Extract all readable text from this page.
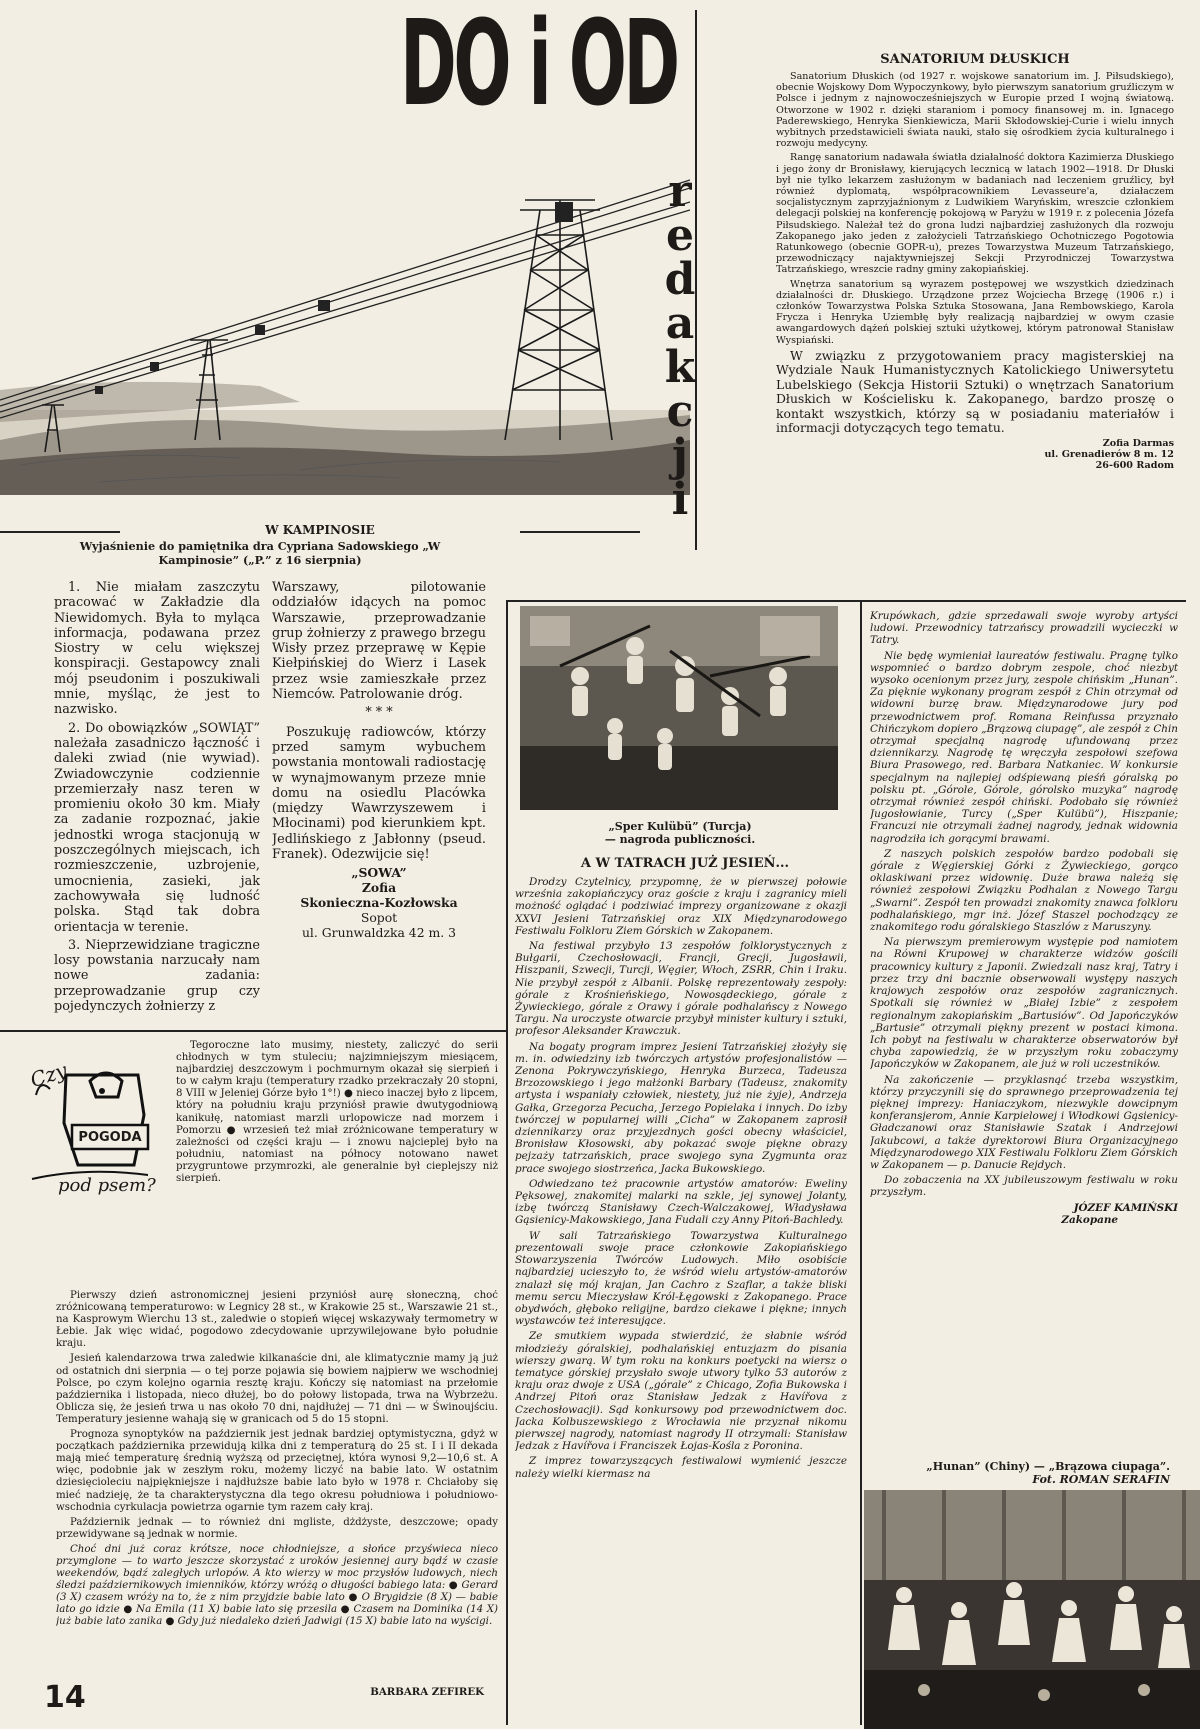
DO i OD
r
e
d
a
k
c
j
i
SANATORIUM DŁUSKICH

Sanatorium Dłuskich (od 1927 r. wojskowe sanatorium im. J. Piłsudskiego), obecnie Wojskowy Dom Wypoczynkowy, było pierwszym sanatorium gruźliczym w Polsce i jednym z najnowocześniejszych w Europie przed I wojną światową. Otworzone w 1902 r. dzięki staraniom i pomocy finansowej m. in. Ignacego Paderewskiego, Henryka Sienkiewicza, Marii Skłodowskiej-Curie i wielu innych wybitnych przedstawicieli świata nauki, stało się ośrodkiem życia kulturalnego i rozwoju medycyny.

Rangę sanatorium nadawała światła działalność doktora Kazimierza Dłuskiego i jego żony dr Bronisławy, kierujących lecznicą w latach 1902—1918. Dr Dłuski był nie tylko lekarzem zasłużonym w badaniach nad leczeniem gruźlicy, był również dyplomatą, współpracownikiem Levasseure'a, działaczem socjalistycznym zaprzyjaźnionym z Ludwikiem Waryńskim, wreszcie członkiem delegacji polskiej na konferencję pokojową w Paryżu w 1919 r. z polecenia Józefa Piłsudskiego. Należał też do grona ludzi najbardziej zasłużonych dla rozwoju Zakopanego jako jeden z założycieli Tatrzańskiego Ochotniczego Pogotowia Ratunkowego (obecnie GOPR-u), prezes Towarzystwa Muzeum Tatrzańskiego, przewodniczący najaktywniejszej Sekcji Przyrodniczej Towarzystwa Tatrzańskiego, wreszcie radny gminy zakopiańskiej.

Wnętrza sanatorium są wyrazem postępowej we wszystkich dziedzinach działalności dr. Dłuskiego. Urządzone przez Wojciecha Brzegę (1906 r.) i członków Towarzystwa Polska Sztuka Stosowana, Jana Rembowskiego, Karola Frycza i Henryka Uziembłę były realizacją najbardziej w owym czasie awangardowych dążeń polskiej sztuki użytkowej, którym patronował Stanisław Wyspiański.

W związku z przygotowaniem pracy magisterskiej na Wydziale Nauk Humanistycznych Katolickiego Uniwersytetu Lubelskiego (Sekcja Historii Sztuki) o wnętrzach Sanatorium Dłuskich w Kościelisku k. Zakopanego, bardzo proszę o kontakt wszystkich, którzy są w posiadaniu materiałów i informacji dotyczących tego tematu.

Zofia Darmas
ul. Grenadierów 8 m. 12
26-600 Radom
W KAMPINOSIE
Wyjaśnienie do pamiętnika dra Cypriana Sadowskiego „W Kampinosie” („P.” z 16 sierpnia)

1. Nie miałam zaszczytu pracować w Zakładzie dla Niewidomych. Była to myląca informacja, podawana przez Siostry w celu większej konspiracji. Gestapowcy znali mój pseudonim i poszukiwali mnie, myśląc, że jest to nazwisko.

2. Do obowiązków „SOWIĄT” należała zasadniczo łączność i daleki zwiad (nie wywiad). Zwiadowczynie codziennie przemierzały nasz teren w promieniu około 30 km. Miały za zadanie rozpoznać, jakie jednostki wroga stacjonują w poszczególnych miejscach, ich rozmieszczenie, uzbrojenie, umocnienia, zasieki, jak zachowywała się ludność polska. Stąd tak dobra orientacja w terenie.

3. Nieprzewidziane tragiczne losy powstania narzucały nam nowe zadania: przeprowadzanie grup czy pojedynczych żołnierzy z

Warszawy, pilotowanie oddziałów idących na pomoc Warszawie, przeprowadzanie grup żołnierzy z prawego brzegu Wisły przez przeprawę w Kępie Kiełpińskiej do Wierz i Lasek przez wsie zamieszkałe przez Niemców. Patrolowanie dróg.

* * *

Poszukuję radiowców, którzy przed samym wybuchem powstania montowali radiostację w wynajmowanym przeze mnie domu na osiedlu Placówka (między Wawrzyszewem i Młocinami) pod kierunkiem kpt. Jedlińskiego z Jabłonny (pseud. Franek). Odezwijcie się!

„SOWA”
Zofia
Skonieczna-Kozłowska
Sopot
ul. Grunwaldzka 42 m. 3
„Sper Kulübü” (Turcja)
— nagroda publiczności.
A W TATRACH JUŻ JESIEŃ...

Drodzy Czytelnicy, przypomnę, że w pierwszej połowie września zakopiańczycy oraz goście z kraju i zagranicy mieli możność oglądać i podziwiać imprezy organizowane z okazji XXVI Jesieni Tatrzańskiej oraz XIX Międzynarodowego Festiwalu Folkloru Ziem Górskich w Zakopanem.

Na festiwal przybyło 13 zespołów folklorystycznych z Bułgarii, Czechosłowacji, Francji, Grecji, Jugosławii, Hiszpanii, Szwecji, Turcji, Węgier, Włoch, ZSRR, Chin i Iraku. Nie przybył zespół z Albanii. Polskę reprezentowały zespoły: górale z Krośnieńskiego, Nowosądeckiego, górale z Żywieckiego, górale z Orawy i górale podhalańscy z Nowego Targu. Na uroczyste otwarcie przybył minister kultury i sztuki, profesor Aleksander Krawczuk.

Na bogaty program imprez Jesieni Tatrzańskiej złożyły się m. in. odwiedziny izb twórczych artystów profesjonalistów — Zenona Pokrywczyńskiego, Henryka Burzeca, Tadeusza Brzozowskiego i jego małżonki Barbary (Tadeusz, znakomity artysta i wspaniały człowiek, niestety, już nie żyje), Andrzeja Gałka, Grzegorza Pecucha, Jerzego Popielaka i innych. Do izby twórczej w popularnej willi „Cicha” w Zakopanem zaprosił dziennikarzy oraz przyjezdnych gości obecny właściciel, Bronisław Kłosowski, aby pokazać swoje piękne obrazy pejzaży tatrzańskich, prace swojego syna Zygmunta oraz prace swojego siostrzeńca, Jacka Bukowskiego.

Odwiedzano też pracownie artystów amatorów: Eweliny Pęksowej, znakomitej malarki na szkle, jej synowej Jolanty, izbę twórczą Stanisławy Czech-Walczakowej, Władysława Gąsienicy-Makowskiego, Jana Fudali czy Anny Pitoń-Bachledy.

W sali Tatrzańskiego Towarzystwa Kulturalnego prezentowali swoje prace członkowie Zakopiańskiego Stowarzyszenia Twórców Ludowych. Miło osobiście najbardziej ucieszyło to, że wśród wielu artystów-amatorów znalazł się mój krajan, Jan Cachro z Szaflar, a także bliski memu sercu Mieczysław Król-Łęgowski z Zakopanego. Prace obydwóch, głęboko religijne, bardzo ciekawe i piękne; innych wystawców też interesujące.

Ze smutkiem wypada stwierdzić, że słabnie wśród młodzieży góralskiej, podhalańskiej entuzjazm do pisania wierszy gwarą. W tym roku na konkurs poetycki na wiersz o tematyce górskiej przysłało swoje utwory tylko 53 autorów z kraju oraz dwoje z USA („górale” z Chicago, Zofia Bukowska i Andrzej Pitoń oraz Stanisław Jedzak z Havířova z Czechosłowacji). Sąd konkursowy pod przewodnictwem doc. Jacka Kolbuszewskiego z Wrocławia nie przyznał nikomu pierwszej nagrody, natomiast nagrody II otrzymali: Stanisław Jedzak z Havířova i Franciszek Łojas-Kośla z Poronina.

Z imprez towarzyszących festiwalowi wymienić jeszcze należy wielki kiermasz na

Krupówkach, gdzie sprzedawali swoje wyroby artyści ludowi. Przewodnicy tatrzańscy prowadzili wycieczki w Tatry.

Nie będę wymieniał laureatów festiwalu. Pragnę tylko wspomnieć o bardzo dobrym zespole, choć niezbyt wysoko ocenionym przez jury, zespole chińskim „Hunan”. Za pięknie wykonany program zespół z Chin otrzymał od widowni burzę braw. Międzynarodowe jury pod przewodnictwem prof. Romana Reinfussa przyznało Chińczykom dopiero „Brązową ciupagę”, ale zespół z Chin otrzymał specjalną nagrodę ufundowaną przez dziennikarzy. Nagrodę tę wręczyła zespołowi szefowa Biura Prasowego, red. Barbara Natkaniec. W konkursie specjalnym na najlepiej odśpiewaną pieśń góralską po polsku pt. „Górole, Górole, górolsko muzyka” nagrodę otrzymał również zespół chiński. Podobało się również Jugosłowianie, Turcy („Sper Kulübü”), Hiszpanie; Francuzi nie otrzymali żadnej nagrody, jednak widownia nagrodziła ich gorącymi brawami.

Z naszych polskich zespołów bardzo podobali się górale z Węgierskiej Górki z Żywieckiego, gorąco oklaskiwani przez widownię. Duże brawa należą się również zespołowi Związku Podhalan z Nowego Targu „Swarni”. Zespół ten prowadzi znakomity znawca folkloru podhalańskiego, mgr inż. Józef Staszel pochodzący ze znakomitego rodu góralskiego Staszlów z Maruszyny.

Na pierwszym premierowym występie pod namiotem na Równi Krupowej w charakterze widzów gościli pracownicy kultury z Japonii. Zwiedzali nasz kraj, Tatry i przez trzy dni bacznie obserwowali występy naszych krajowych zespołów oraz zespołów zagranicznych. Spotkali się również w „Białej Izbie” z zespołem regionalnym zakopiańskim „Bartusiów”. Od Japończyków „Bartusie” otrzymali piękny prezent w postaci kimona. Ich pobyt na festiwalu w charakterze obserwatorów był chyba zapowiedzią, że w przyszłym roku zobaczymy Japończyków w Zakopanem, ale już w roli uczestników.

Na zakończenie — przyklasnąć trzeba wszystkim, którzy przyczynili się do sprawnego przeprowadzenia tej pięknej imprezy: Haniaczykom, niezwykle dowcipnym konferansjerom, Annie Karpielowej i Włodkowi Gąsienicy-Gładczanowi oraz Stanisławie Szatak i Andrzejowi Jakubcowi, a także dyrektorowi Biura Organizacyjnego Międzynarodowego XIX Festiwalu Folkloru Ziem Górskich w Zakopanem — p. Danucie Rejdych.

Do zobaczenia na XX jubileuszowym festiwalu w roku przyszłym.

JÓZEF KAMIŃSKI
Zakopane
„Hunan” (Chiny) — „Brązowa ciupaga”.
Fot. ROMAN SERAFIN
Czy
POGODA
pod psem?

Tegoroczne lato musimy, niestety, zaliczyć do serii chłodnych w tym stuleciu; najzimniejszym miesiącem, najbardziej deszczowym i pochmurnym okazał się sierpień i to w całym kraju (temperatury rzadko przekraczały 20 stopni, 8 VIII w Jeleniej Górze było 1°!) ● nieco inaczej było z lipcem, który na południu kraju przyniósł prawie dwutygodniową kanikułę, natomiast marzli urlopowicze nad morzem i Pomorzu ● wrzesień też miał zróżnicowane temperatury w zależności od części kraju — i znowu najcieplej było na południu, natomiast na północy notowano nawet przygruntowe przymrozki, ale generalnie był cieplejszy niż sierpień.

Pierwszy dzień astronomicznej jesieni przyniósł aurę słoneczną, choć zróżnicowaną temperaturowo: w Legnicy 28 st., w Krakowie 25 st., Warszawie 21 st., na Kasprowym Wierchu 13 st., zaledwie o stopień więcej wskazywały termometry w Łebie. Jak więc widać, pogodowo zdecydowanie uprzywilejowane było południe kraju.

Jesień kalendarzowa trwa zaledwie kilkanaście dni, ale klimatycznie mamy ją już od ostatnich dni sierpnia — o tej porze pojawia się bowiem najpierw we wschodniej Polsce, po czym kolejno ogarnia resztę kraju. Kończy się natomiast na przełomie października i listopada, nieco dłużej, bo do połowy listopada, trwa na Wybrzeżu. Oblicza się, że jesień trwa u nas około 70 dni, najdłużej — 71 dni — w Świnoujściu. Temperatury jesienne wahają się w granicach od 5 do 15 stopni.

Prognoza synoptyków na październik jest jednak bardziej optymistyczna, gdyż w początkach października przewidują kilka dni z temperaturą do 25 st. I i II dekada mają mieć temperaturę średnią wyższą od przeciętnej, która wynosi 9,2—10,6 st. A więc, podobnie jak w zeszłym roku, możemy liczyć na babie lato. W ostatnim dziesięcioleciu najpiękniejsze i najdłuższe babie lato było w 1978 r. Chciałoby się mieć nadzieję, że ta charakterystyczna dla tego okresu południowa i południowo-wschodnia cyrkulacja powietrza ogarnie tym razem cały kraj.

Październik jednak — to również dni mgliste, dżdżyste, deszczowe; opady przewidywane są jednak w normie.

Choć dni już coraz krótsze, noce chłodniejsze, a słońce przyświeca nieco przymglone — to warto jeszcze skorzystać z uroków jesiennej aury bądź w czasie weekendów, bądź zaległych urlopów. A kto wierzy w moc przysłów ludowych, niech śledzi październikowych imienników, którzy wróżą o długości babiego lata: ● Gerard (3 X) czasem wróży na to, że z nim przyjdzie babie lato ● O Brygidzie (8 X) — babie lato go idzie ● Na Emila (11 X) babie lato się przesila ● Czasem na Dominika (14 X) już babie lato zanika ● Gdy już niedaleko dzień Jadwigi (15 X) babie lato na wyścigi.

BARBARA ZEFIREK
14
